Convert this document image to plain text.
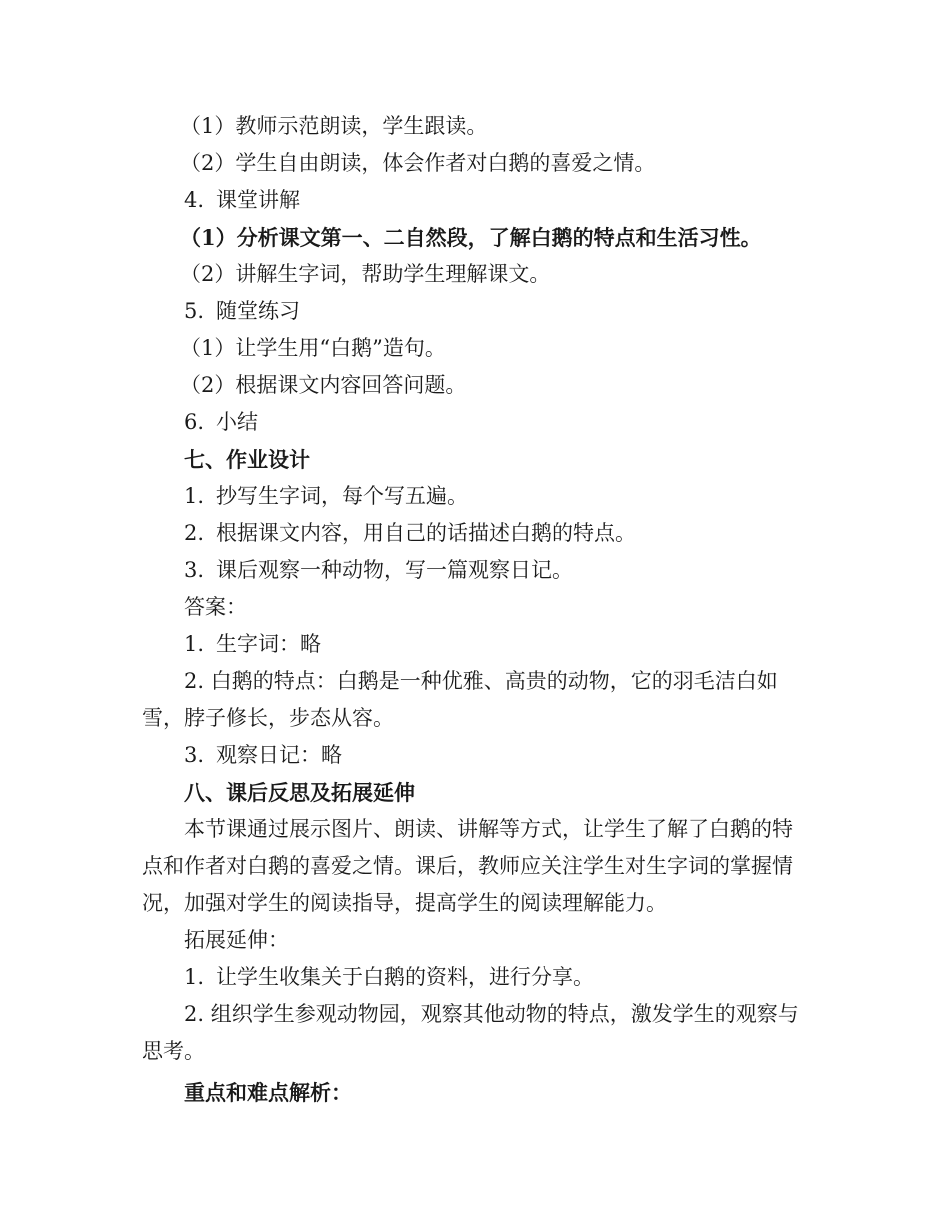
（1）教师示范朗读，学生跟读。

（2）学生自由朗读，体会作者对白鹅的喜爱之情。

4. 课堂讲解

（1）分析课文第一、二自然段，了解白鹅的特点和生活习性。

（2）讲解生字词，帮助学生理解课文。

5. 随堂练习

（1）让学生用“白鹅”造句。

（2）根据课文内容回答问题。

6. 小结

七、作业设计

1. 抄写生字词，每个写五遍。

2. 根据课文内容，用自己的话描述白鹅的特点。

3. 课后观察一种动物，写一篇观察日记。

答案：

1. 生字词：略

2. 白鹅的特点：白鹅是一种优雅、高贵的动物，它的羽毛洁白如雪，脖子修长，步态从容。

3. 观察日记：略

八、课后反思及拓展延伸

本节课通过展示图片、朗读、讲解等方式，让学生了解了白鹅的特点和作者对白鹅的喜爱之情。课后，教师应关注学生对生字词的掌握情况，加强对学生的阅读指导，提高学生的阅读理解能力。

拓展延伸：

1. 让学生收集关于白鹅的资料，进行分享。

2. 组织学生参观动物园，观察其他动物的特点，激发学生的观察与思考。

重点和难点解析：
